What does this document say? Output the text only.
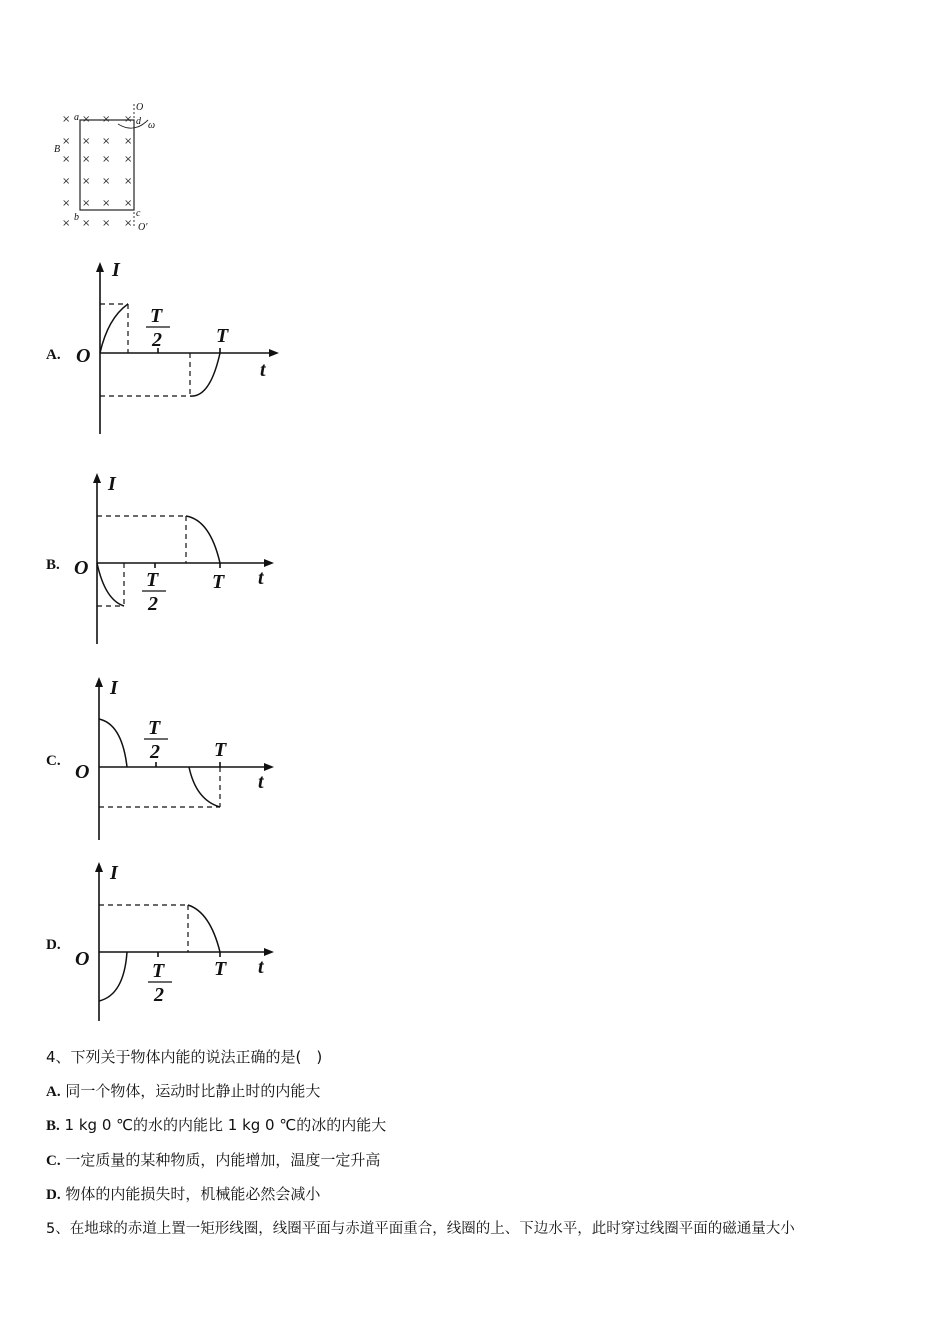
× × × ×
× × × ×
× × × ×
× × × ×
× × × ×
× × × ×
a
b	c
d
O
O′
B
ω
A.
I
O
t
T
T
2
B.
I
O	t
T
T
2
C.
I
O	t
T
T
2
D.
I
O	t
T
T
2
4、下列关于物体内能的说法正确的是(　)
A. 同一个物体，运动时比静止时的内能大
B. 1 kg 0 ℃的水的内能比 1 kg 0 ℃的冰的内能大
C. 一定质量的某种物质，内能增加，温度一定升高
D. 物体的内能损失时，机械能必然会减小
5、在地球的赤道上置一矩形线圈，线圈平面与赤道平面重合，线圈的上、下边水平，此时穿过线圈平面的磁通量大小
